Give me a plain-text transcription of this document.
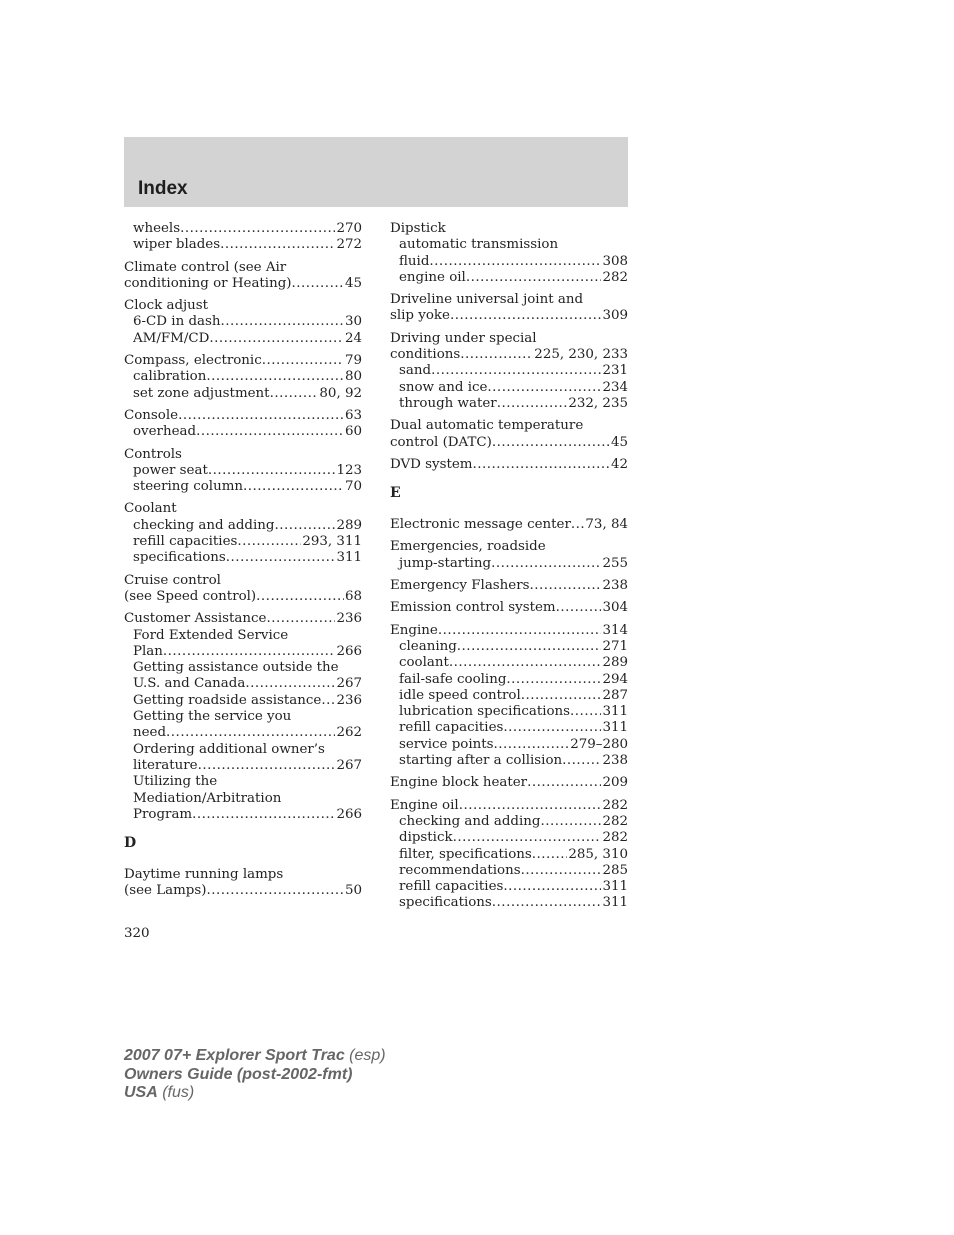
Index
wheels .....	270
wiper blades .....	272
Climate control (see Air
conditioning or Heating) .....	45
Clock adjust
6-CD in dash .....	30
AM/FM/CD .....	24
Compass, electronic .....	79
calibration .....	80
set zone adjustment .....	80, 92
Console .....	63
overhead .....	60
Controls
power seat .....	123
steering column .....	70
Coolant
checking and adding .....	289
refill capacities .....	293, 311
specifications .....	311
Cruise control
(see Speed control) .....	68
Customer Assistance .....	236
Ford Extended Service
Plan .....	266
Getting assistance outside the
U.S. and Canada .....	267
Getting roadside assistance ..... 236
Getting the service you
need .....	262
Ordering additional owner’s
literature .....	267
Utilizing the
Mediation/Arbitration
Program .....	266
D
Daytime running lamps
(see Lamps) .....	50
Dipstick
automatic transmission
fluid .....	308
engine oil .....	282
Driveline universal joint and
slip yoke .....	309
Driving under special
conditions .....	225, 230, 233
sand .....	231
snow and ice .....	234
through water .....	232, 235
Dual automatic temperature
control (DATC) .....	45
DVD system .....	42
E
Electronic message center ..... 73, 84
Emergencies, roadside
jump-starting .....	255
Emergency Flashers .....	238
Emission control system .....	304
Engine .....	314
cleaning .....	271
coolant .....	289
fail-safe cooling .....	294
idle speed control .....	287
lubrication specifications ..... 311
refill capacities .....	311
service points .....	279–280
starting after a collision .....	238
Engine block heater .....	209
Engine oil .....	282
checking and adding .....	282
dipstick .....	282
filter, specifications .....	285, 310
recommendations .....	285
refill capacities .....	311
specifications .....	311
320
2007 07+ Explorer Sport Trac (esp)
Owners Guide (post-2002-fmt)
USA (fus)
